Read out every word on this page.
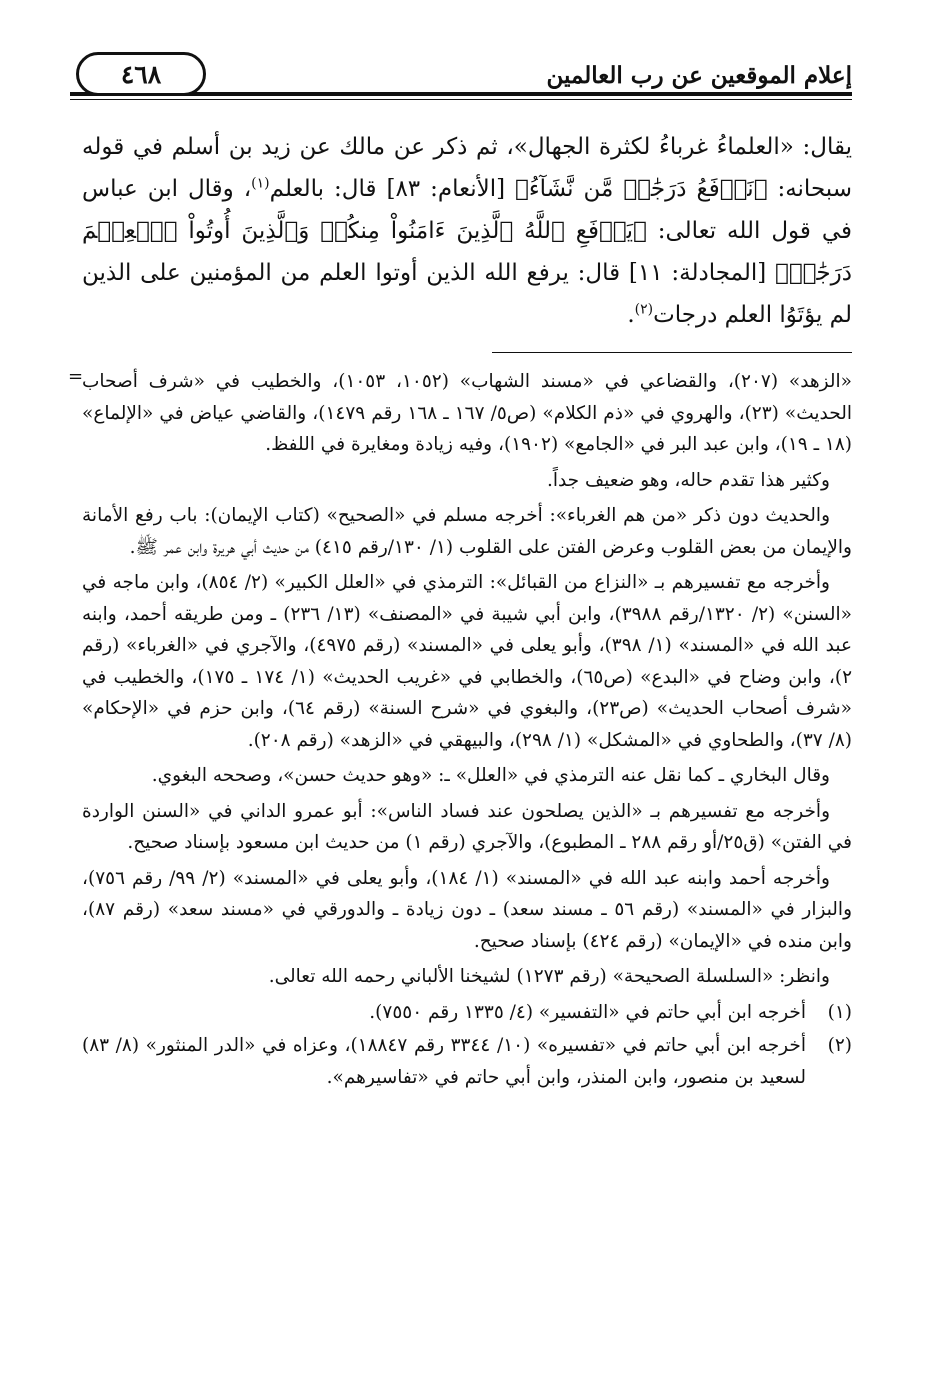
إعلام الموقعين عن رب العالمين
٤٦٨

يقال: «العلماءُ غرباءُ لكثرة الجهال»، ثم ذكر عن مالك عن زيد بن أسلم في قوله سبحانه: ﴿نَرۡفَعُ دَرَجَٰتٖ مَّن نَّشَآءُ﴾ [الأنعام: ٨٣] قال: بالعلم$^{(١)}$، وقال ابن عباس في قول الله تعالى: ﴿يَرۡفَعِ ٱللَّهُ ٱلَّذِينَ ءَامَنُواْ مِنكُمۡ وَٱلَّذِينَ أُوتُواْ ٱلۡعِلۡمَ دَرَجَٰتٖ﴾ [المجادلة: ١١] قال: يرفع الله الذين أوتوا العلم من المؤمنين على الذين لم يؤتَوُا العلم درجات$^{(٢)}$.

=

«الزهد» (٢٠٧)، والقضاعي في «مسند الشهاب» (١٠٥٢، ١٠٥٣)، والخطيب في «شرف أصحاب الحديث» (٢٣)، والهروي في «ذم الكلام» (ص٥/ ١٦٧ ـ ١٦٨ رقم ١٤٧٩)، والقاضي عياض في «الإلماع» (١٨ ـ ١٩)، وابن عبد البر في «الجامع» (١٩٠٢)، وفيه زيادة ومغايرة في اللفظ.

وكثير هذا تقدم حاله، وهو ضعيف جداً.

والحديث دون ذكر «من هم الغرباء»: أخرجه مسلم في «الصحيح» (كتاب الإيمان): باب رفع الأمانة والإيمان من بعض القلوب وعرض الفتن على القلوب (١/ ١٣٠/رقم ٤١٥) من حديث أبي هريرة وابن عمر ﷺ.

وأخرجه مع تفسيرهم بـ «النزاع من القبائل»: الترمذي في «العلل الكبير» (٢/ ٨٥٤)، وابن ماجه في «السنن» (٢/ ١٣٢٠/رقم ٣٩٨٨)، وابن أبي شيبة في «المصنف» (١٣/ ٢٣٦) ـ ومن طريقه أحمد، وابنه عبد الله في «المسند» (١/ ٣٩٨)، وأبو يعلى في «المسند» (رقم ٤٩٧٥)، والآجري في «الغرباء» (رقم ٢)، وابن وضاح في «البدع» (ص٦٥)، والخطابي في «غريب الحديث» (١/ ١٧٤ ـ ١٧٥)، والخطيب في «شرف أصحاب الحديث» (ص٢٣)، والبغوي في «شرح السنة» (رقم ٦٤)، وابن حزم في «الإحكام» (٨/ ٣٧)، والطحاوي في «المشكل» (١/ ٢٩٨)، والبيهقي في «الزهد» (رقم ٢٠٨).

وقال البخاري ـ كما نقل عنه الترمذي في «العلل» ـ: «وهو حديث حسن»، وصححه البغوي.

وأخرجه مع تفسيرهم بـ «الذين يصلحون عند فساد الناس»: أبو عمرو الداني في «السنن الواردة في الفتن» (ق٢٥/أو رقم ٢٨٨ ـ المطبوع)، والآجري (رقم ١) من حديث ابن مسعود بإسناد صحيح.

وأخرجه أحمد وابنه عبد الله في «المسند» (١/ ١٨٤)، وأبو يعلى في «المسند» (٢/ ٩٩/ رقم ٧٥٦)، والبزار في «المسند» (رقم ٥٦ ـ مسند سعد) ـ دون زيادة ـ والدورقي في «مسند سعد» (رقم ٨٧)، وابن منده في «الإيمان» (رقم ٤٢٤) بإسناد صحيح.

وانظر: «السلسلة الصحيحة» (رقم ١٢٧٣) لشيخنا الألباني رحمه الله تعالى.

(١)
أخرجه ابن أبي حاتم في «التفسير» (٤/ ١٣٣٥ رقم ٧٥٥٠).
(٢)
أخرجه ابن أبي حاتم في «تفسيره» (١٠/ ٣٣٤٤ رقم ١٨٨٤٧)، وعزاه في «الدر المنثور» (٨/ ٨٣) لسعيد بن منصور، وابن المنذر، وابن أبي حاتم في «تفاسيرهم».
